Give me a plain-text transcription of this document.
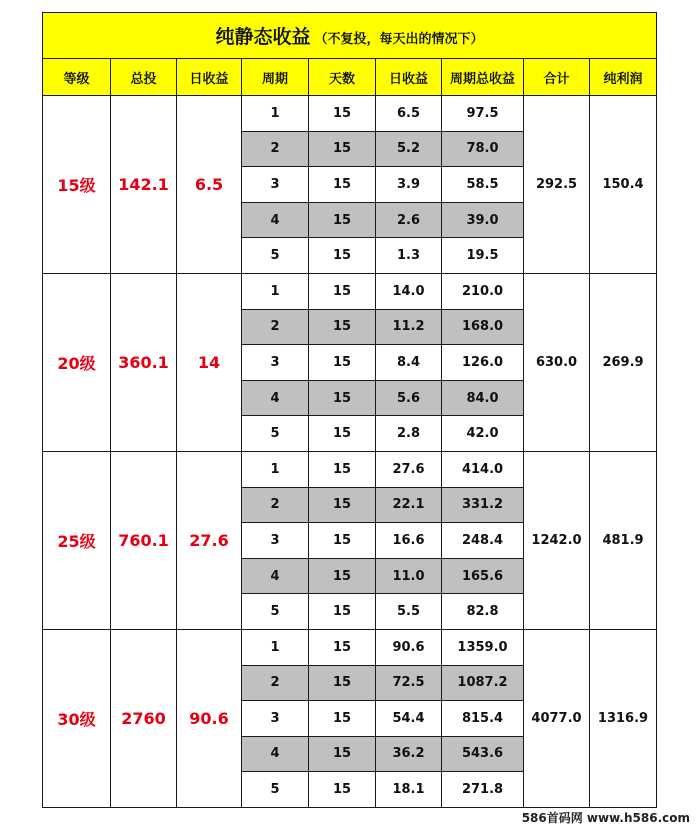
纯静态收益 （不复投，每天出的情况下）								
等级	总投	日收益	周期	天数	日收益	周期总收益	合计	纯利润
15级	142.1	6.5	1	15	6.5	97.5	292.5	150.4
			2	15	5.2	78.0		
			3	15	3.9	58.5		
			4	15	2.6	39.0		
			5	15	1.3	19.5		
20级	360.1	14	1	15	14.0	210.0	630.0	269.9
			2	15	11.2	168.0		
			3	15	8.4	126.0		
			4	15	5.6	84.0		
			5	15	2.8	42.0		
25级	760.1	27.6	1	15	27.6	414.0	1242.0	481.9
			2	15	22.1	331.2		
			3	15	16.6	248.4		
			4	15	11.0	165.6		
			5	15	5.5	82.8		
30级	2760	90.6	1	15	90.6	1359.0	4077.0	1316.9
			2	15	72.5	1087.2		
			3	15	54.4	815.4		
			4	15	36.2	543.6		
			5	15	18.1	271.8		
586首码网 www.h586.com
